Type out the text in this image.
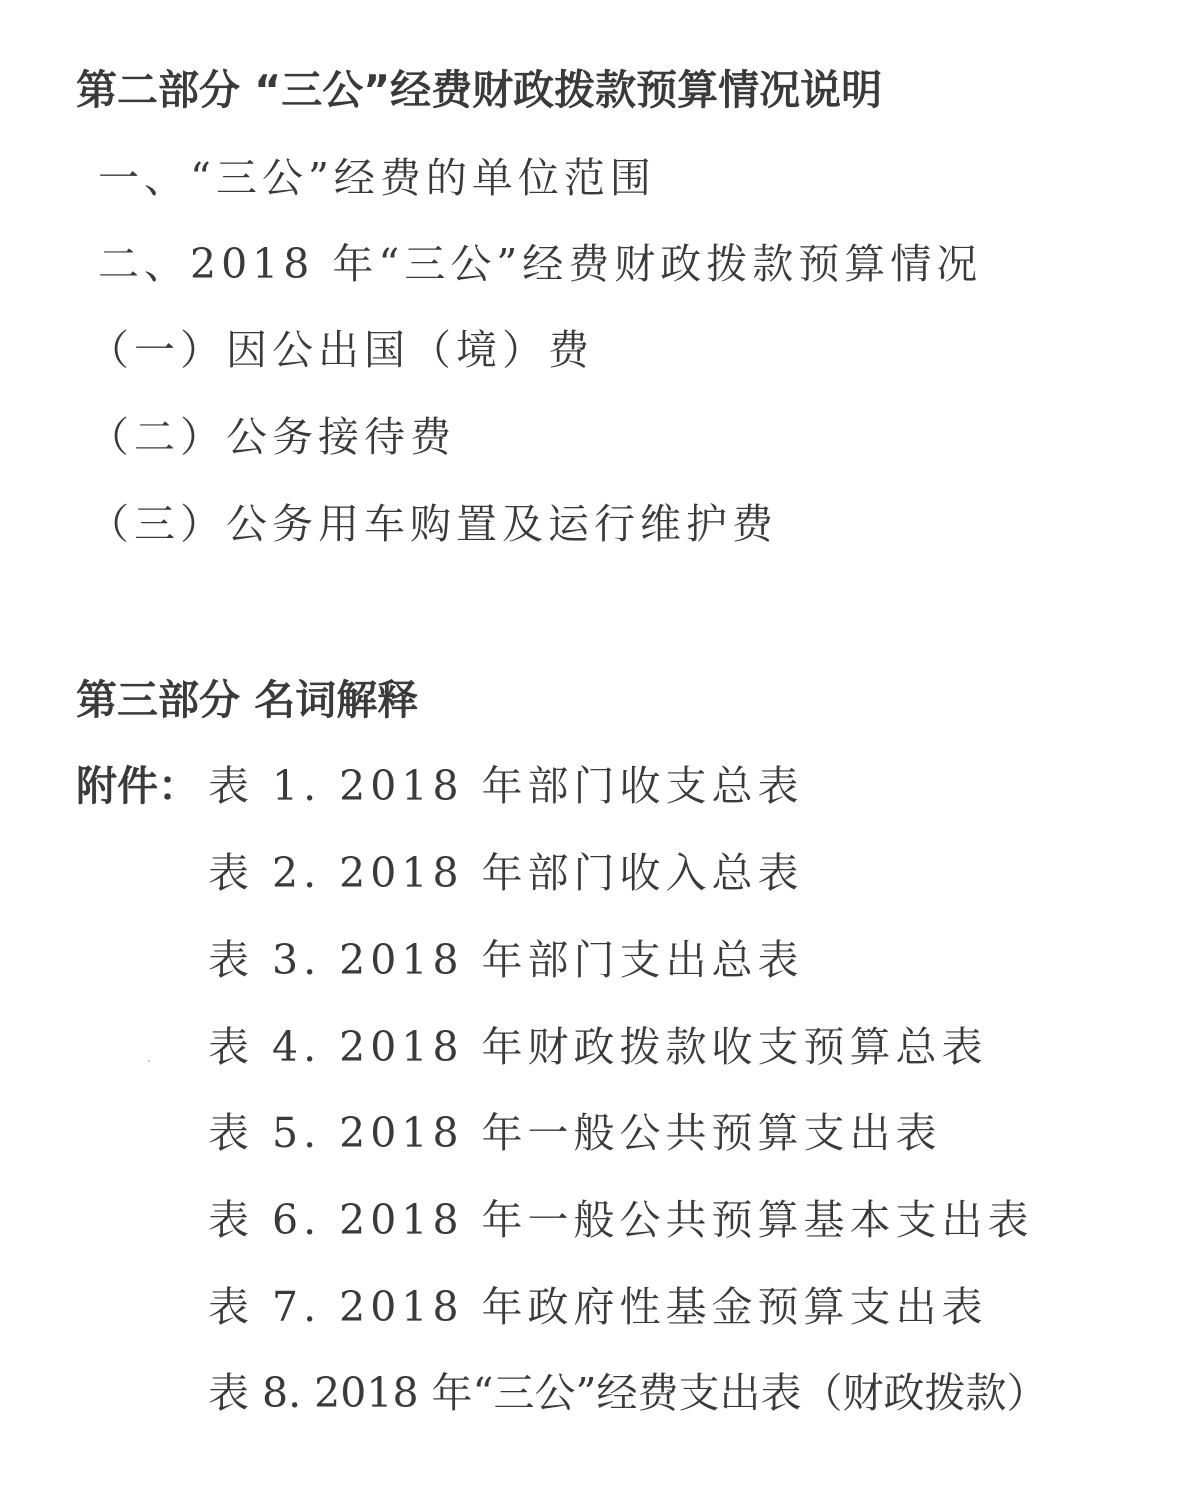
第二部分 “三公”经费财政拨款预算情况说明
一、“三公”经费的单位范围
二、2018 年“三公”经费财政拨款预算情况
（一）因公出国（境）费
（二）公务接待费
（三）公务用车购置及运行维护费
第三部分 名词解释
附件： 表 1. 2018 年部门收支总表
表 2. 2018 年部门收入总表
表 3. 2018 年部门支出总表
表 4. 2018 年财政拨款收支预算总表
表 5. 2018 年一般公共预算支出表
表 6. 2018 年一般公共预算基本支出表
表 7. 2018 年政府性基金预算支出表
表 8. 2018 年“三公”经费支出表（财政拨款）
